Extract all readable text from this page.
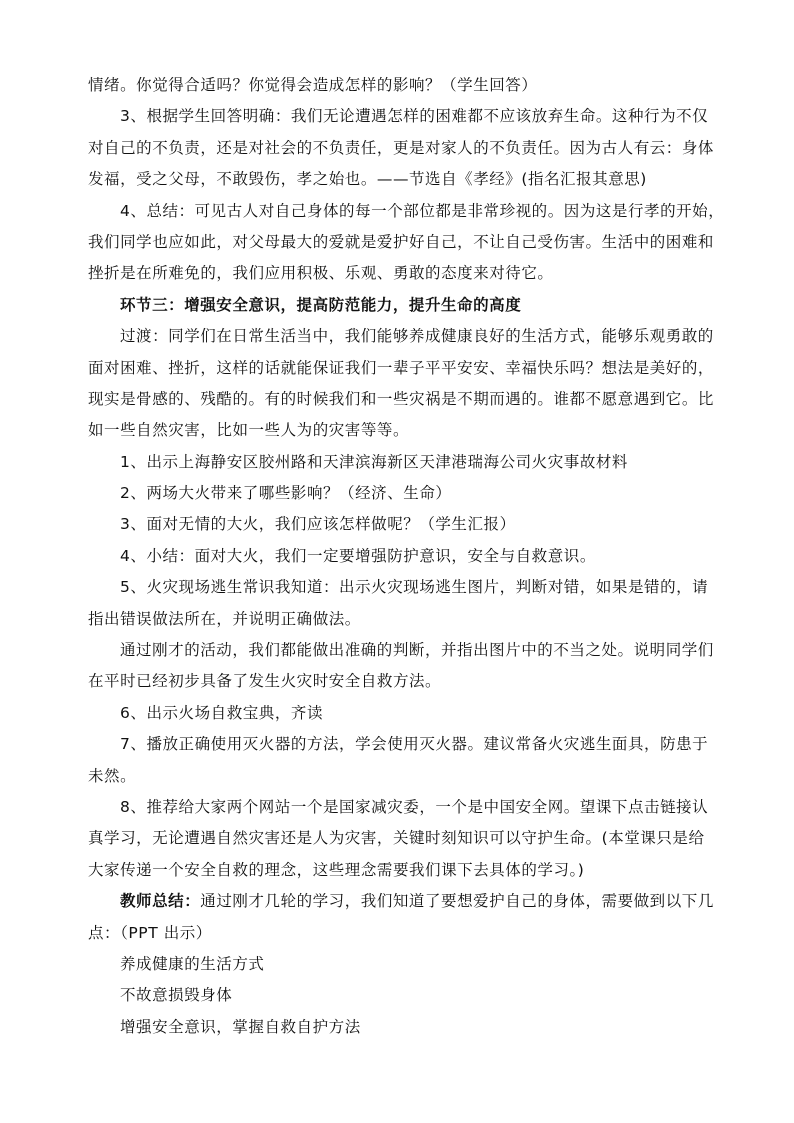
情绪。你觉得合适吗？你觉得会造成怎样的影响？（学生回答）
3、根据学生回答明确：我们无论遭遇怎样的困难都不应该放弃生命。这种行为不仅
对自己的不负责，还是对社会的不负责任，更是对家人的不负责任。因为古人有云：身体
发福，受之父母，不敢毁伤，孝之始也。——节选自《孝经》(指名汇报其意思)
4、总结：可见古人对自己身体的每一个部位都是非常珍视的。因为这是行孝的开始，
我们同学也应如此，对父母最大的爱就是爱护好自己，不让自己受伤害。生活中的困难和
挫折是在所难免的，我们应用积极、乐观、勇敢的态度来对待它。
环节三：增强安全意识，提高防范能力，提升生命的高度
过渡：同学们在日常生活当中，我们能够养成健康良好的生活方式，能够乐观勇敢的
面对困难、挫折，这样的话就能保证我们一辈子平平安安、幸福快乐吗？想法是美好的，
现实是骨感的、残酷的。有的时候我们和一些灾祸是不期而遇的。谁都不愿意遇到它。比
如一些自然灾害，比如一些人为的灾害等等。
1、出示上海静安区胶州路和天津滨海新区天津港瑞海公司火灾事故材料
2、两场大火带来了哪些影响？（经济、生命）
3、面对无情的大火，我们应该怎样做呢？（学生汇报）
4、小结：面对大火，我们一定要增强防护意识，安全与自救意识。
5、火灾现场逃生常识我知道：出示火灾现场逃生图片，判断对错，如果是错的，请
指出错误做法所在，并说明正确做法。
通过刚才的活动，我们都能做出准确的判断，并指出图片中的不当之处。说明同学们
在平时已经初步具备了发生火灾时安全自救方法。
6、出示火场自救宝典，齐读
7、播放正确使用灭火器的方法，学会使用灭火器。建议常备火灾逃生面具，防患于
未然。
8、推荐给大家两个网站一个是国家减灾委，一个是中国安全网。望课下点击链接认
真学习，无论遭遇自然灾害还是人为灾害，关键时刻知识可以守护生命。(本堂课只是给
大家传递一个安全自救的理念，这些理念需要我们课下去具体的学习。)
教师总结：通过刚才几轮的学习，我们知道了要想爱护自己的身体，需要做到以下几
点：（PPT 出示）
养成健康的生活方式
不故意损毁身体
增强安全意识，掌握自救自护方法
